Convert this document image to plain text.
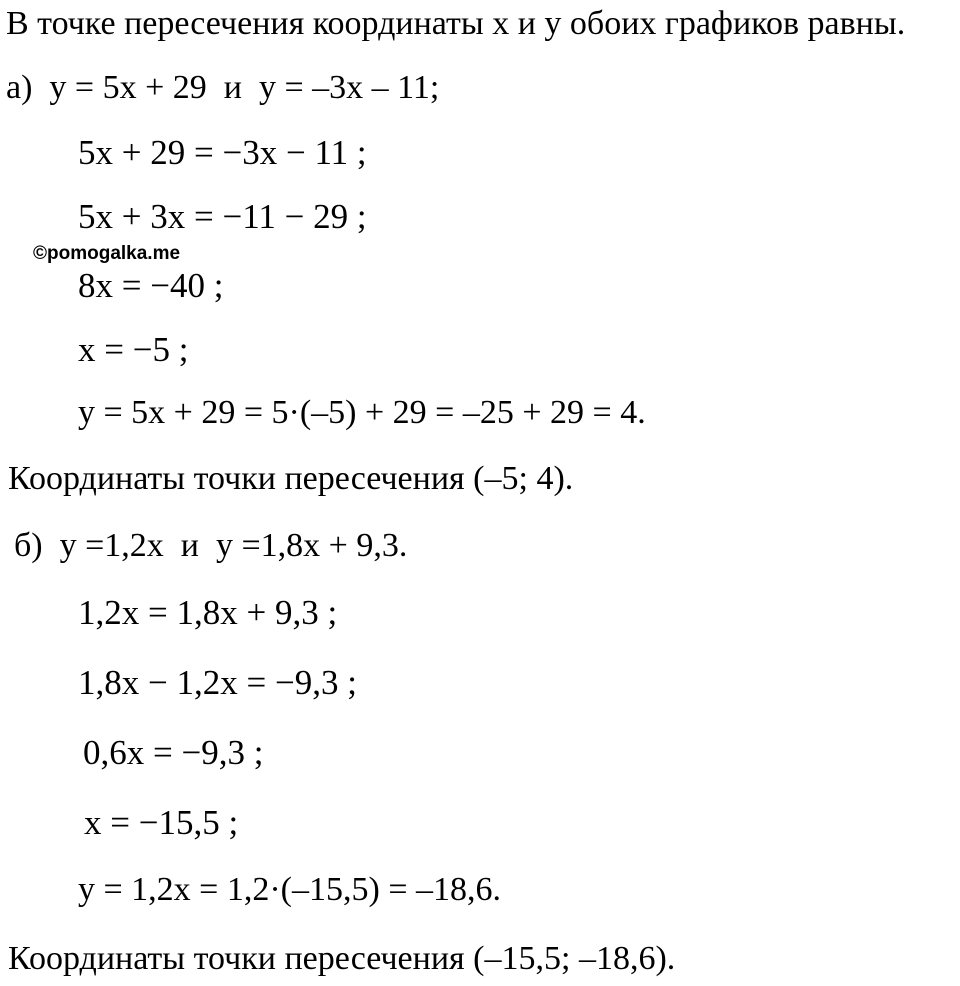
В точке пересечения координаты x и y обоих графиков равны.
а)  y = 5x + 29  и  y = –3x – 11;
5x + 29 = −3x − 11 ;
5x + 3x = −11 − 29 ;
©pomogalka.me
8x = −40 ;
x = −5 ;
y = 5x + 29 = 5·(–5) + 29 = –25 + 29 = 4.
Координаты точки пересечения (–5; 4).
б)  y =1,2x  и  y =1,8x + 9,3.
1,2x = 1,8x + 9,3 ;
1,8x − 1,2x = −9,3 ;
0,6x = −9,3 ;
x = −15,5 ;
y = 1,2x = 1,2·(–15,5) = –18,6.
Координаты точки пересечения (–15,5; –18,6).
